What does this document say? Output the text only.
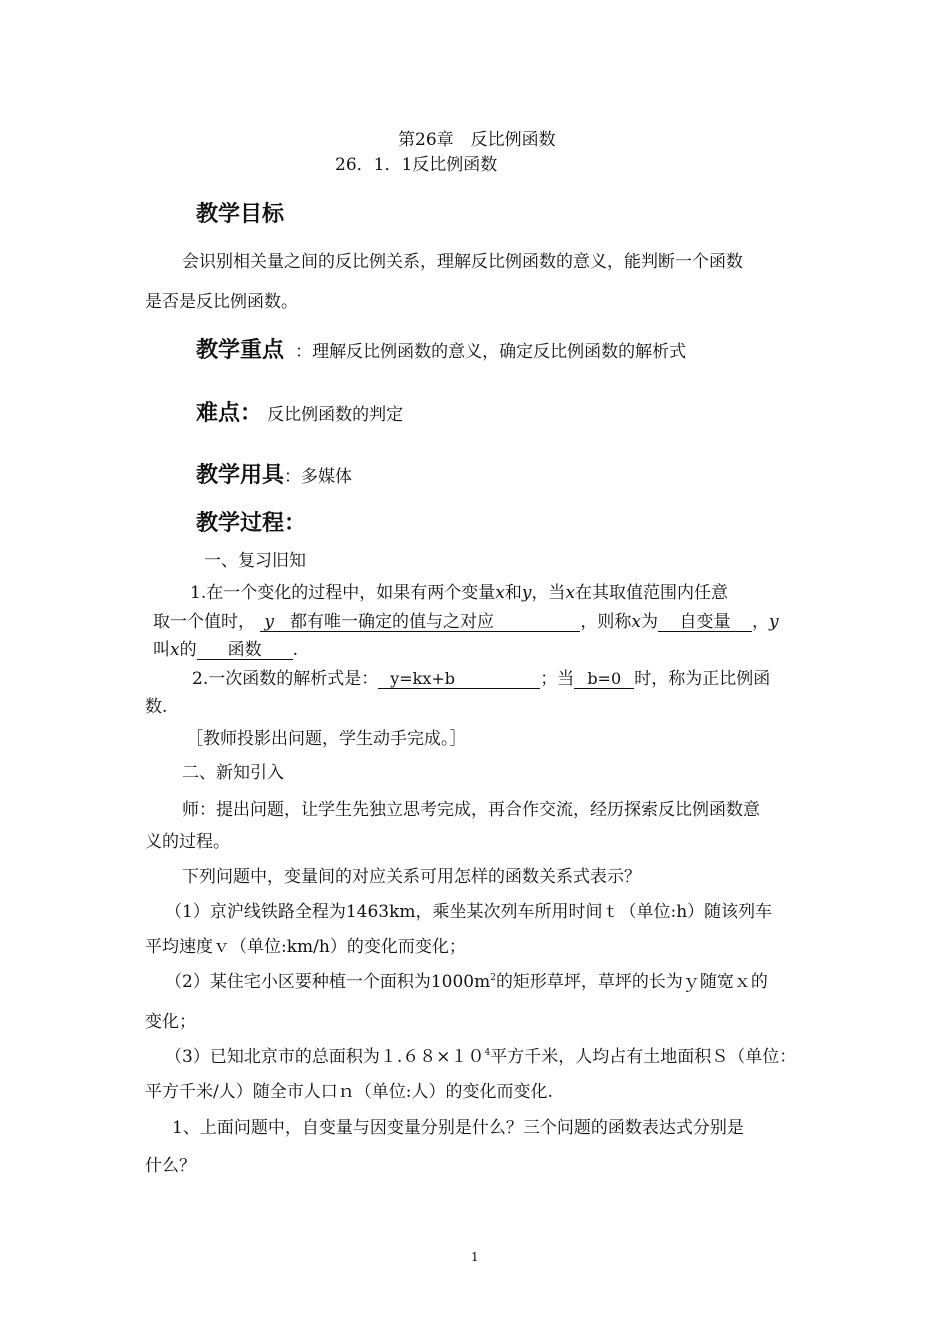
第26章　反比例函数
26．1．1反比例函数
教学目标
会识别相关量之间的反比例关系，理解反比例函数的意义，能判断一个函数
是否是反比例函数。
教学重点 ：理解反比例函数的意义，确定反比例函数的解析式
难点： 反比例函数的判定
教学用具：多媒体
教学过程：
一、复习旧知
1.在一个变化的过程中，如果有两个变量x和y，当x在其取值范围内任意
取一个值时， y 都有唯一确定的值与之对应	，则称x为 自变量 ，y
叫x的 函数 .
2.一次函数的解析式是： y=kx+b	；当 b=0 时，称为正比例函
数.
［教师投影出问题，学生动手完成。］
二、新知引入
师：提出问题，让学生先独立思考完成，再合作交流，经历探索反比例函数意
义的过程。
下列问题中，变量间的对应关系可用怎样的函数关系式表示？
（1）京沪线铁路全程为1463km，乘坐某次列车所用时间ｔ（单位:h）随该列车
平均速度ｖ（单位:km/h）的变化而变化；
（2）某住宅小区要种植一个面积为$1000m^2$的矩形草坪，草坪的长为ｙ随宽ｘ的
变化；
（3）已知北京市的总面积为$1.68\times 10^4$平方千米，人均占有土地面积Ｓ（单位：
平方千米/人）随全市人口ｎ（单位:人）的变化而变化.
1、上面问题中，自变量与因变量分别是什么？三个问题的函数表达式分别是
什么？
1
